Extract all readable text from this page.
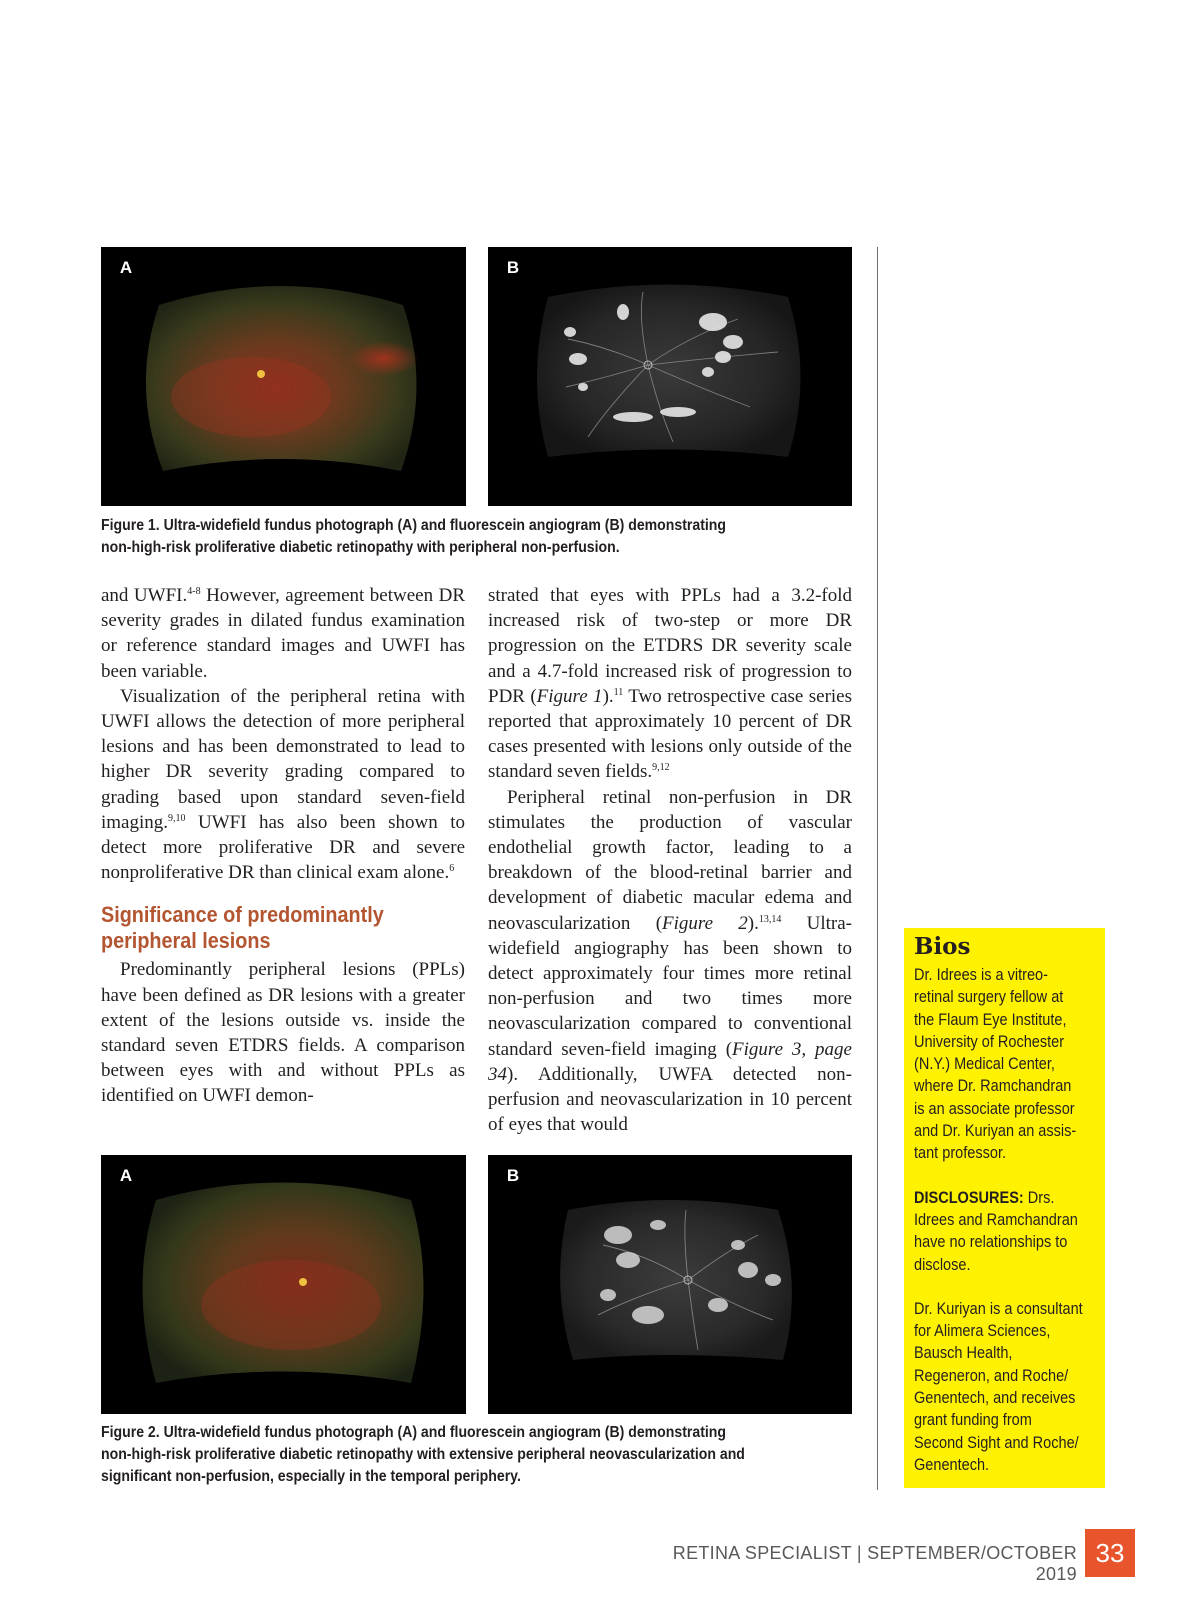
A	B
Figure 1. Ultra-widefield fundus photograph (A) and fluorescein angiogram (B) demonstrating
non-high-risk proliferative diabetic retinopathy with peripheral non-perfusion.

and UWFI.$^{4-8}$ However, agreement between DR severity grades in dilated fundus examination or reference standard images and UWFI has been variable.

Visualization of the peripheral retina with UWFI allows the detection of more peripheral lesions and has been demonstrated to lead to higher DR severity grading compared to grading based upon standard seven-field imaging.$^{9,10}$ UWFI has also been shown to detect more proliferative DR and severe nonproliferative DR than clinical exam alone.$^6$

Significance of predominantly
peripheral lesions

Predominantly peripheral lesions (PPLs) have been defined as DR lesions with a greater extent of the lesions outside vs. inside the standard seven ETDRS fields. A comparison between eyes with and without PPLs as identified on UWFI demon-

strated that eyes with PPLs had a 3.2-fold increased risk of two-step or more DR progression on the ETDRS DR severity scale and a 4.7-fold increased risk of progression to PDR (Figure 1).$^{11}$ Two retrospective case series reported that approximately 10 percent of DR cases presented with lesions only outside of the standard seven fields.$^{9,12}$

Peripheral retinal non-perfusion in DR stimulates the production of vascular endothelial growth factor, leading to a breakdown of the blood-retinal barrier and development of diabetic macular edema and neovascularization (Figure 2).$^{13,14}$ Ultra-widefield angiography has been shown to detect approximately four times more retinal non-perfusion and two times more neovascularization compared to conventional standard seven-field imaging (Figure 3, page 34). Additionally, UWFA detected non-perfusion and neovascularization in 10 percent of eyes that would

A	B
Figure 2. Ultra-widefield fundus photograph (A) and fluorescein angiogram (B) demonstrating
non-high-risk proliferative diabetic retinopathy with extensive peripheral neovascularization and
significant non-perfusion, especially in the temporal periphery.
Bios

Dr. Idrees is a vitreo-

retinal surgery fellow at

the Flaum Eye Institute,

University of Rochester

(N.Y.) Medical Center,

where Dr. Ramchandran

is an associate professor

and Dr. Kuriyan an assis-

tant professor.

DISCLOSURES: Drs.

Idrees and Ramchandran

have no relationships to

disclose.

Dr. Kuriyan is a consultant

for Alimera Sciences,

Bausch Health,

Regeneron, and Roche/

Genentech, and receives

grant funding from

Second Sight and Roche/

Genentech.

RETINA SPECIALIST | SEPTEMBER/OCTOBER 2019
33
